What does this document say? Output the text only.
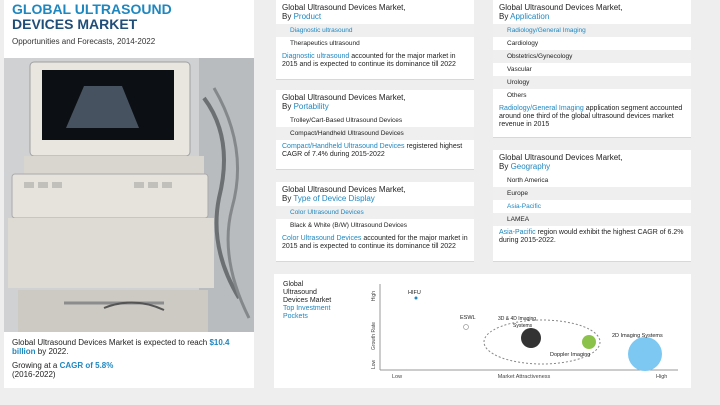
GLOBAL ULTRASOUND
DEVICES MARKET
Opportunities and Forecasts, 2014-2022

Global Ultrasound Devices Market is expected to reach $10.4 billion by 2022.

Growing at a CAGR of 5.8%
(2016-2022)

Global Ultrasound Devices Market,
By Product
Diagnostic ultrasound
Therapeutics ultrasound
Diagnostic ultrasound accounted for the major market in 2015 and is expected to continue its dominance till 2022
Global Ultrasound Devices Market,
By Portability
Trolley/Cart-Based Ultrasound Devices
Compact/Handheld Ultrasound Devices
Compact/Handheld Ultrasound Devices registered highest CAGR of 7.4% during 2015-2022
Global Ultrasound Devices Market,
By Type of Device Display
Color Ultrasound Devices
Black & White (B/W) Ultrasound Devices
Color Ultrasound Devices accounted for the major market in 2015 and is expected to continue its dominance till 2022
Global Ultrasound Devices Market,
By Application
Radiology/General Imaging
Cardiology
Obstetrics/Gynecology
Vascular
Urology
Others
Radiology/General Imaging application segment accounted around one third of the global ultrasound devices market revenue in 2015
Global Ultrasound Devices Market,
By Geography
North America
Europe
Asia-Pacific
LAMEA
Asia-Pacific region would exhibit the highest CAGR of 6.2% during 2015-2022.
Global
Ultrasound
Devices Market
Top Investment
Pockets
High
Growth Rate
Low
Low	Market Attractiveness	High
HIFU
ESWL	3D & 4D Imaging
Systems
Doppler Imaging
2D Imaging Systems
